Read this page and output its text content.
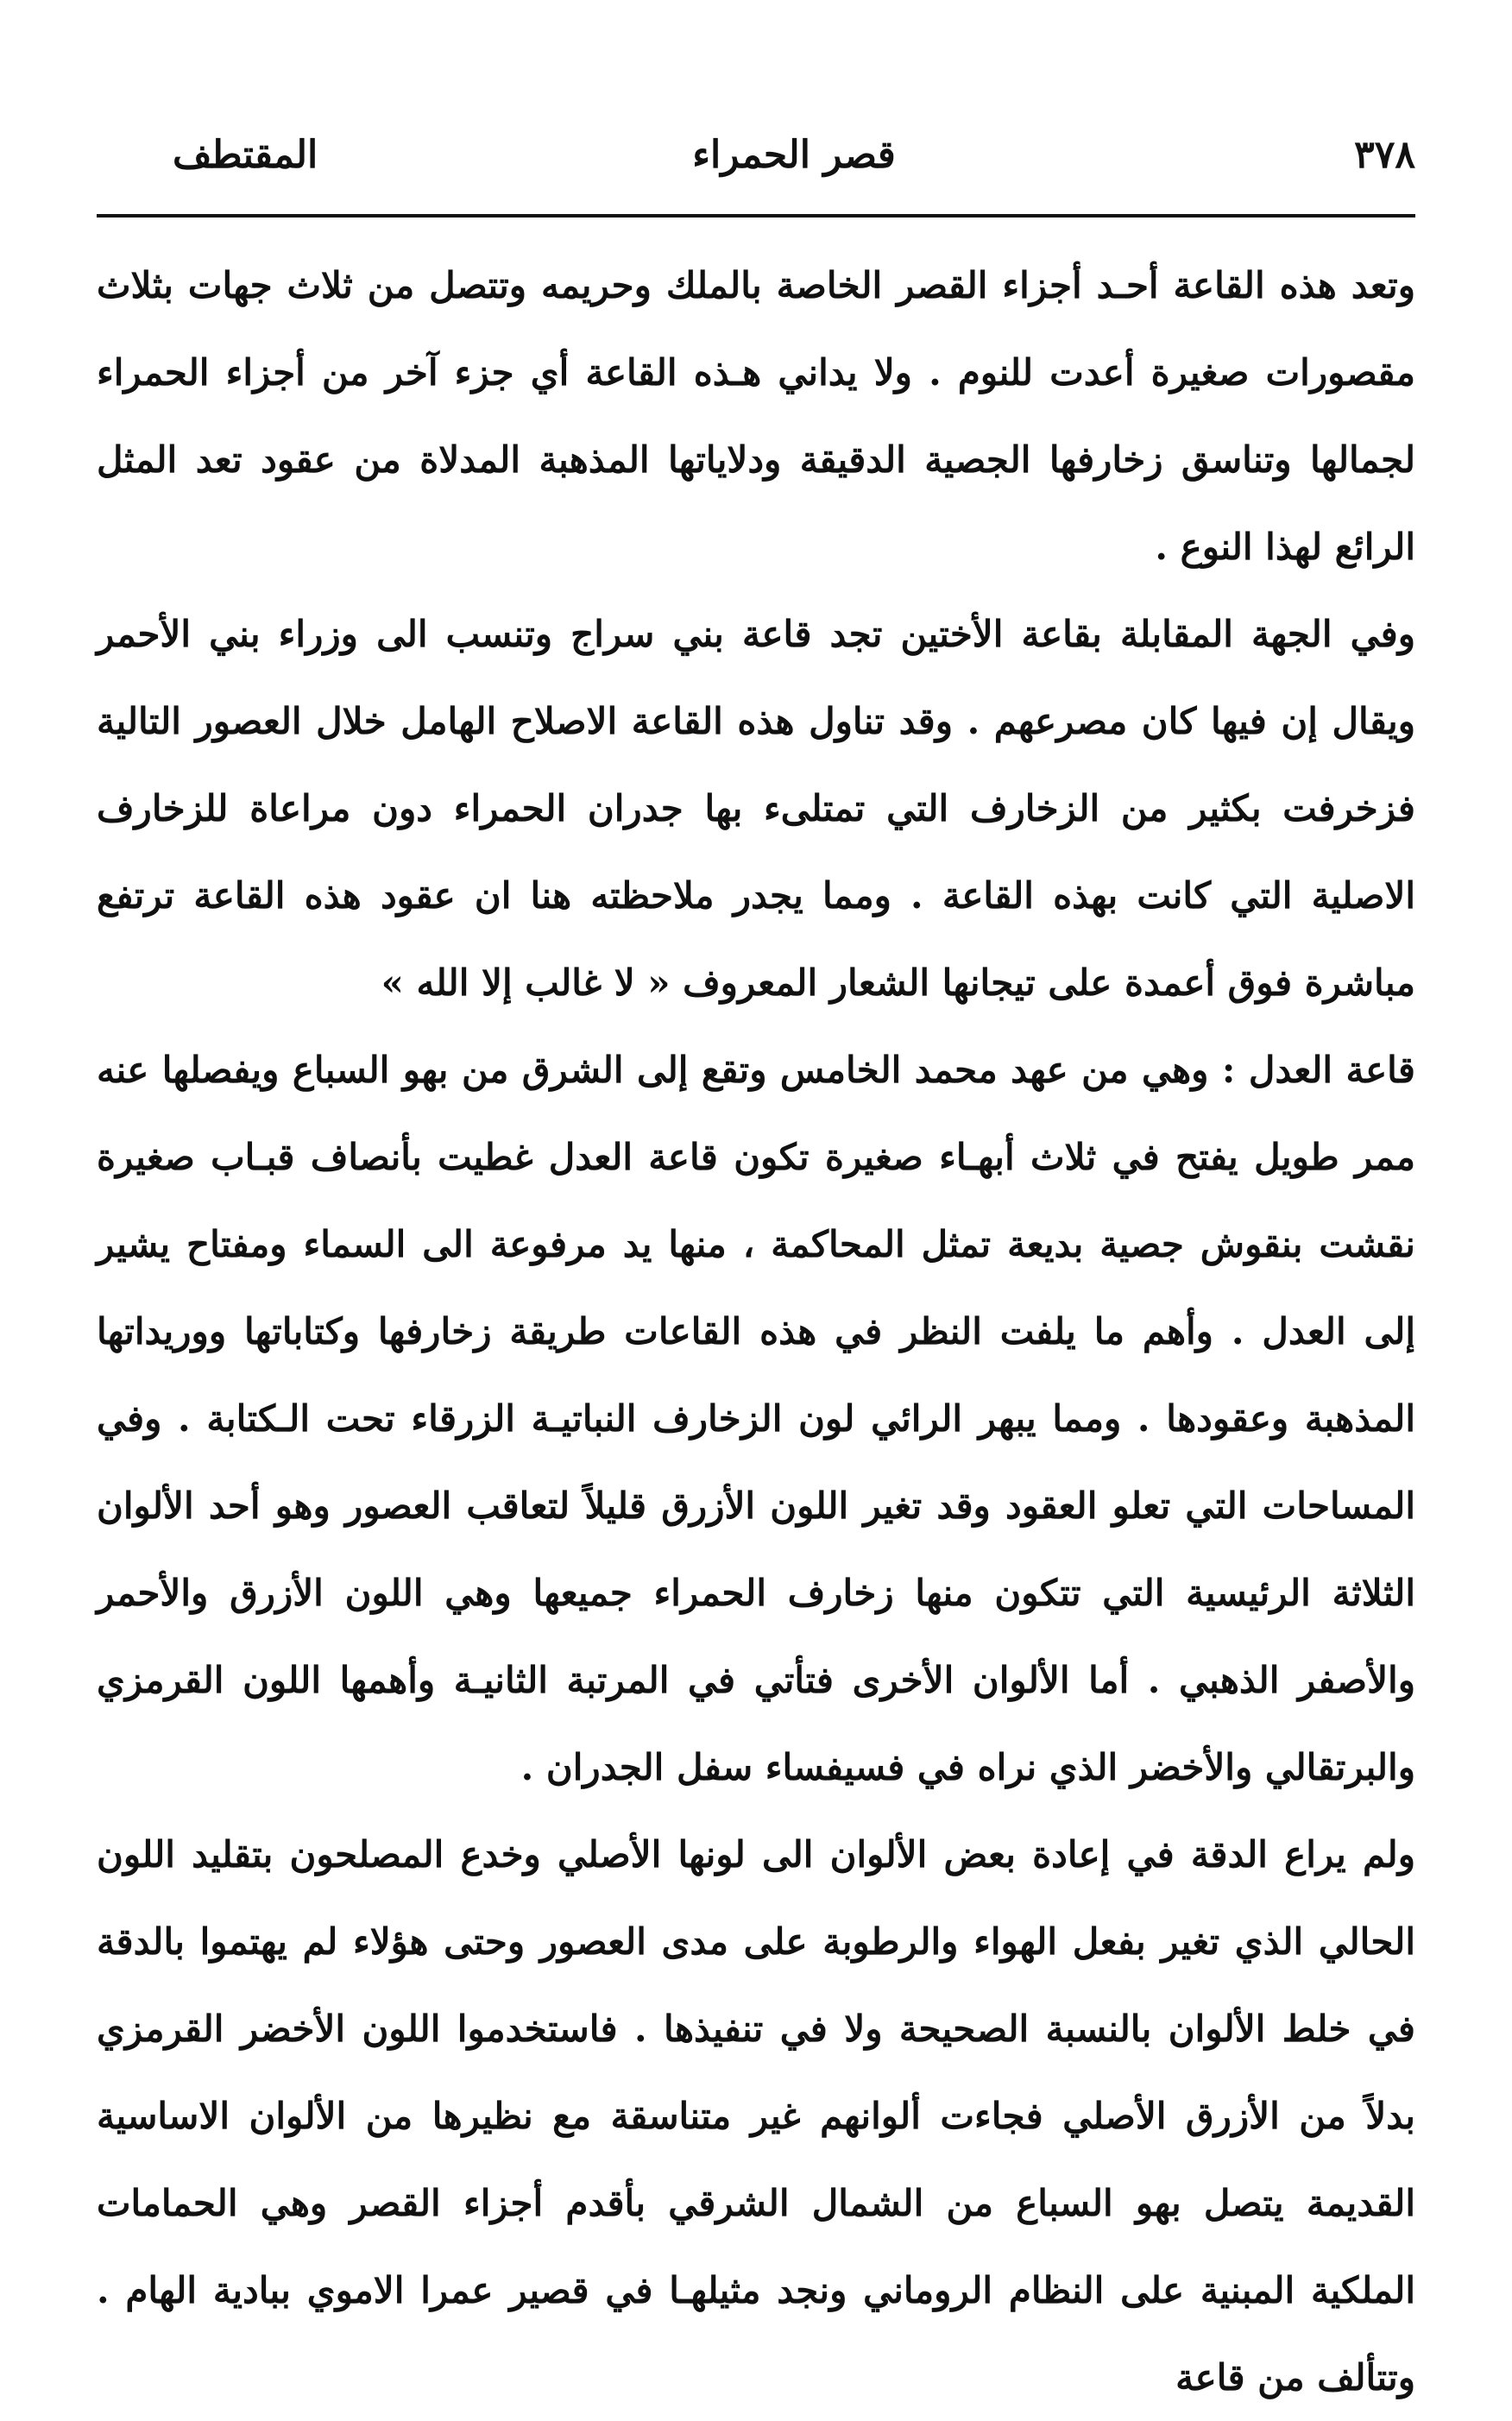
٣٧٨
قصر الحمراء
المقتطف

وتعد هذه القاعة أحـد أجزاء القصر الخاصة بالملك وحريمه وتتصل من ثلاث جهات بثلاث مقصورات صغيرة أعدت للنوم . ولا يداني هـذه القاعة أي جزء آخر من أجزاء الحمراء لجمالها وتناسق زخارفها الجصية الدقيقة ودلاياتها المذهبة المدلاة من عقود تعد المثل الرائع لهذا النوع .

وفي الجهة المقابلة بقاعة الأختين تجد قاعة بني سراج وتنسب الى وزراء بني الأحمر ويقال إن فيها كان مصرعهم . وقد تناول هذه القاعة الاصلاح الهامل خلال العصور التالية فزخرفت بكثير من الزخارف التي تمتلىء بها جدران الحمراء دون مراعاة للزخارف الاصلية التي كانت بهذه القاعة . ومما يجدر ملاحظته هنا ان عقود هذه القاعة ترتفع مباشرة فوق أعمدة على تيجانها الشعار المعروف « لا غالب إلا الله »

قاعة العدل : وهي من عهد محمد الخامس وتقع إلى الشرق من بهو السباع ويفصلها عنه ممر طويل يفتح في ثلاث أبهـاء صغيرة تكون قاعة العدل غطيت بأنصاف قبـاب صغيرة نقشت بنقوش جصية بديعة تمثل المحاكمة ، منها يد مرفوعة الى السماء ومفتاح يشير إلى العدل . وأهم ما يلفت النظر في هذه القاعات طريقة زخارفها وكتاباتها ووريداتها المذهبة وعقودها . ومما يبهر الرائي لون الزخارف النباتيـة الزرقاء تحت الـكتابة . وفي المساحات التي تعلو العقود وقد تغير اللون الأزرق قليلاً لتعاقب العصور وهو أحد الألوان الثلاثة الرئيسية التي تتكون منها زخارف الحمراء جميعها وهي اللون الأزرق والأحمر والأصفر الذهبي . أما الألوان الأخرى فتأتي في المرتبة الثانيـة وأهمها اللون القرمزي والبرتقالي والأخضر الذي نراه في فسيفساء سفل الجدران .

ولم يراع الدقة في إعادة بعض الألوان الى لونها الأصلي وخدع المصلحون بتقليد اللون الحالي الذي تغير بفعل الهواء والرطوبة على مدى العصور وحتى هؤلاء لم يهتموا بالدقة في خلط الألوان بالنسبة الصحيحة ولا في تنفيذها . فاستخدموا اللون الأخضر القرمزي بدلاً من الأزرق الأصلي فجاءت ألوانهم غير متناسقة مع نظيرها من الألوان الاساسية القديمة يتصل بهو السباع من الشمال الشرقي بأقدم أجزاء القصر وهي الحمامات الملكية المبنية على النظام الروماني ونجد مثيلهـا في قصير عمرا الاموي ببادية الهام . وتتألف من قاعة
